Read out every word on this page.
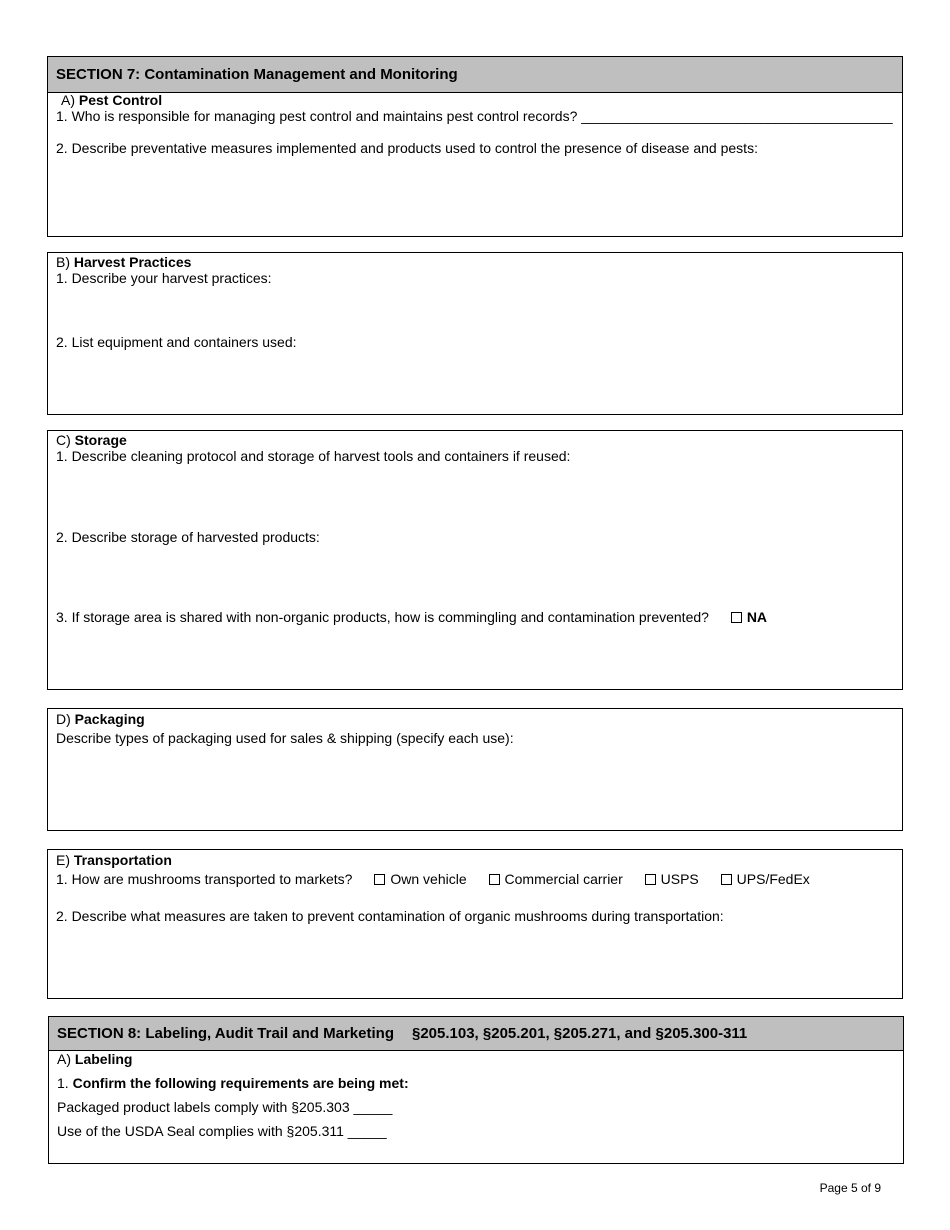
SECTION 7: Contamination Management and Monitoring
A) Pest Control
1. Who is responsible for managing pest control and maintains pest control records? ________________________________________
2. Describe preventative measures implemented and products used to control the presence of disease and pests:
B) Harvest Practices
1. Describe your harvest practices:
2. List equipment and containers used:
C) Storage
1. Describe cleaning protocol and storage of harvest tools and containers if reused:
2. Describe storage of harvested products:
3. If storage area is shared with non-organic products, how is commingling and contamination prevented?	NA
D) Packaging
Describe types of packaging used for sales & shipping (specify each use):
E) Transportation
1. How are mushrooms transported to markets?	Own vehicle	Commercial carrier	USPS	UPS/FedEx
2. Describe what measures are taken to prevent contamination of organic mushrooms during transportation:
SECTION 8: Labeling, Audit Trail and Marketing §205.103, §205.201, §205.271, and §205.300-311
A) Labeling
1. Confirm the following requirements are being met:
Packaged product labels comply with §205.303 _____
Use of the USDA Seal complies with §205.311 _____
Page 5 of 9
